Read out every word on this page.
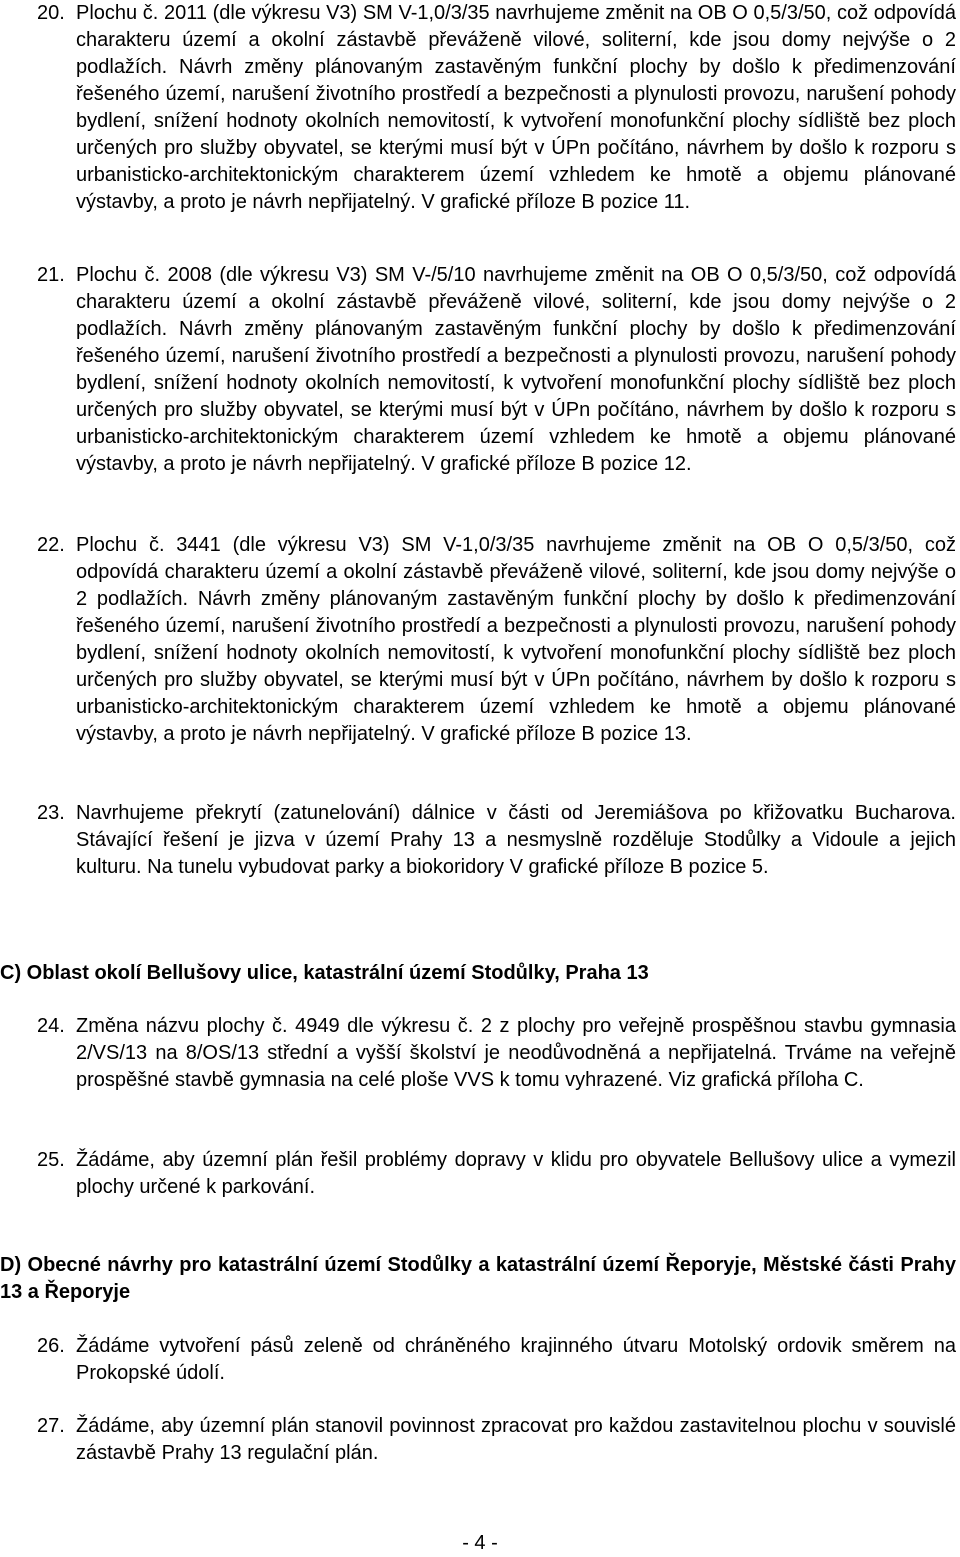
20. Plochu č. 2011 (dle výkresu V3) SM V-1,0/3/35 navrhujeme změnit na OB O 0,5/3/50, což odpovídá charakteru území a okolní zástavbě převáženě vilové, soliterní, kde jsou domy nejvýše o 2 podlažích. Návrh změny plánovaným zastavěným funkční plochy by došlo k předimenzování řešeného území, narušení životního prostředí a bezpečnosti a plynulosti provozu, narušení pohody bydlení, snížení hodnoty okolních nemovitostí, k vytvoření monofunkční plochy sídliště bez ploch určených pro služby obyvatel, se kterými musí být v ÚPn počítáno, návrhem by došlo k rozporu s urbanisticko-architektonickým charakterem území vzhledem ke hmotě a objemu plánované výstavby, a proto je návrh nepřijatelný. V grafické příloze B pozice 11.
21. Plochu č. 2008 (dle výkresu V3) SM V-/5/10 navrhujeme změnit na OB O 0,5/3/50, což odpovídá charakteru území a okolní zástavbě převáženě vilové, soliterní, kde jsou domy nejvýše o 2 podlažích. Návrh změny plánovaným zastavěným funkční plochy by došlo k předimenzování řešeného území, narušení životního prostředí a bezpečnosti a plynulosti provozu, narušení pohody bydlení, snížení hodnoty okolních nemovitostí, k vytvoření monofunkční plochy sídliště bez ploch určených pro služby obyvatel, se kterými musí být v ÚPn počítáno, návrhem by došlo k rozporu s urbanisticko-architektonickým charakterem území vzhledem ke hmotě a objemu plánované výstavby, a proto je návrh nepřijatelný. V grafické příloze B pozice 12.
22. Plochu č. 3441 (dle výkresu V3) SM V-1,0/3/35 navrhujeme změnit na OB O 0,5/3/50, což odpovídá charakteru území a okolní zástavbě převáženě vilové, soliterní, kde jsou domy nejvýše o 2 podlažích. Návrh změny plánovaným zastavěným funkční plochy by došlo k předimenzování řešeného území, narušení životního prostředí a bezpečnosti a plynulosti provozu, narušení pohody bydlení, snížení hodnoty okolních nemovitostí, k vytvoření monofunkční plochy sídliště bez ploch určených pro služby obyvatel, se kterými musí být v ÚPn počítáno, návrhem by došlo k rozporu s urbanisticko-architektonickým charakterem území vzhledem ke hmotě a objemu plánované výstavby, a proto je návrh nepřijatelný. V grafické příloze B pozice 13.
23. Navrhujeme překrytí (zatunelování) dálnice v části od Jeremiášova po křižovatku Bucharova. Stávající řešení je jizva v území Prahy 13 a nesmyslně rozděluje Stodůlky a Vidoule a jejich kulturu. Na tunelu vybudovat parky a biokoridory V grafické příloze B pozice 5.
C) Oblast okolí Bellušovy ulice, katastrální území Stodůlky, Praha 13
24. Změna názvu plochy č. 4949 dle výkresu č. 2 z plochy pro veřejně prospěšnou stavbu gymnasia 2/VS/13 na 8/OS/13 střední a vyšší školství je neodůvodněná a nepřijatelná. Trváme na veřejně prospěšné stavbě gymnasia na celé ploše VVS k tomu vyhrazené. Viz grafická příloha C.
25. Žádáme, aby územní plán řešil problémy dopravy v klidu pro obyvatele Bellušovy ulice a vymezil plochy určené k parkování.
D) Obecné návrhy pro katastrální území Stodůlky a katastrální území Řeporyje, Městské části Prahy 13 a Řeporyje
26. Žádáme vytvoření pásů zeleně od chráněného krajinného útvaru Motolský ordovik směrem na Prokopské údolí.
27. Žádáme, aby územní plán stanovil povinnost zpracovat pro každou zastavitelnou plochu v souvislé zástavbě Prahy 13 regulační plán.
- 4 -
